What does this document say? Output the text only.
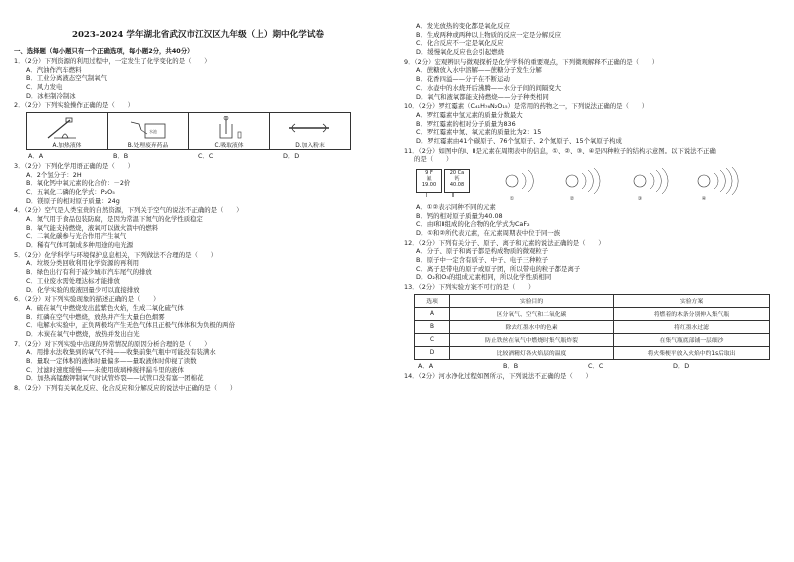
2023-2024 学年湖北省武汉市江汉区九年级（上）期中化学试卷
一、选择题（每小题只有一个正确选项，每小题2分，共40分）
1．（2分）下列资源的利用过程中，一定发生了化学变化的是（　　）
A．汽油作汽车燃料
B．工业分离液态空气制氧气
C．风力发电
D．冰柜制冷制冰
2．（2分）下列实验操作正确的是（　　）
A.加热液体	
水池
B.处理废弃药品	C.吸取液体	D.加入粉末
A．A	B．B	C．C	D．D
3．（2分）下列化学用语正确的是（　　）
A．2个氢分子：2H
B．氧化钙中氧元素的化合价：－2价
C．五氧化二磷的化学式：P₂O₅
D．镁原子的相对原子质量：24g
4．（2分）空气是人类宝贵的自然资源，下列关于空气的说法不正确的是（　　）
A．氮气用于食品包装防腐，是因为常温下氮气的化学性质稳定
B．氧气能支持燃烧，液氧可以做火箭中的燃料
C．二氧化碳参与光合作用产生氧气
D．稀有气体可制成多种用途的电光源
5．（2分）化学科学与环境保护息息相关，下列做法不合理的是（　　）
A．垃圾分类回收利用化学资源的再利用
B．绿色出行有利于减少城市汽车尾气的排放
C．工业废水需处理达标才能排放
D．化学实验的废液回量少可以直接排放
6．（2分）对下列实验现象的描述正确的是（　　）
A．硫在氧气中燃烧发出蓝紫色火焰，生成二氧化硫气体
B．红磷在空气中燃烧，放热并产生大量白色烟雾
C．电解水实验中，正负两极均产生无色气体且正极气体体积为负极的两倍
D．木炭在氧气中燃烧，放热并发出白光
7．（2分）对下列实验中出现的异常情况的原因分析合理的是（　　）
A．用排水法收集到的氧气不纯——收集前集气瓶中可能没有装满水
B．量取一定体积的液体时量偏多——量取液体时仰视了读数
C．过滤时速度缓慢——未使用玻璃棒搅拌漏斗里的液体
D．加热高锰酸钾制氧气时试管炸裂——试管口没有塞一团棉花
8．（2分）下列有关氧化反应、化合反应和分解反应的说法中正确的是（　　）
A．发光放热的变化都是氧化反应
B．生成两种或两种以上物质的反应一定是分解反应
C．化合反应不一定是氧化反应
D．缓慢氧化反应也会引起燃烧
9．（2分）宏观辨识与微观探析是化学学科的重要观点，下列微观解释不正确的是（　　）
A．蔗糖放入水中溶解——蔗糖分子发生分解
B．花香四溢——分子在不断运动
C．水壶中的水烧开后沸腾——水分子间的间隔变大
D．氧气和液氧都能支持燃烧——分子种类相同
10．（2分）罗红霉素（C₄₁H₇₆N₂O₁₅）是常用的药物之一，下列说法正确的是（　　）
A．罗红霉素中氢元素的质量分数最大
B．罗红霉素的相对分子质量为836
C．罗红霉素中氮、氧元素的质量比为2：15
D．罗红霉素由41个碳原子、76个氢原子、2个氮原子、15个氧原子构成
11．（2分）如图中的Ⅰ、Ⅱ是元素在周期表中的信息，①、②、③、④是四种粒子的结构示意图。以下说法不正确
的是（　　）
9 F
氟
19.00
20 Ca
钙
40.08
Ⅰ	Ⅱ	①	②	③	④
A．①②表示同种不同的元素
B．钙的相对原子质量为40.08
C．由Ⅰ和Ⅱ组成的化合物的化学式为CaF₂
D．①和②所代表元素，在元素周期表中位于同一族
12．（2分）下列有关分子、原子、离子和元素的说法正确的是（　　）
A．分子、原子和离子都是构成物质的微观粒子
B．原子中一定含有质子、中子、电子三种粒子
C．离子是带电的原子或原子团，所以带电的粒子都是离子
D．O₂和O₃的组成元素相同，所以化学性质相同
13．（2分）下列实验方案不可行的是（　　）
选项	实验目的	实验方案
A	区分氧气、空气和二氧化碳	将燃着的木条分别伸入集气瓶
B	除去红墨水中的色素	将红墨水过滤
C	防止铁丝在氧气中燃烧时集气瓶炸裂	在集气瓶底部铺一层细沙
D	比较酒精灯各火焰层的温度	将火柴梗平放入火焰中约1s后取出
A．A	B．B	C．C	D．D
14．（2分）河水净化过程如图所示，下列说法不正确的是（　　）
